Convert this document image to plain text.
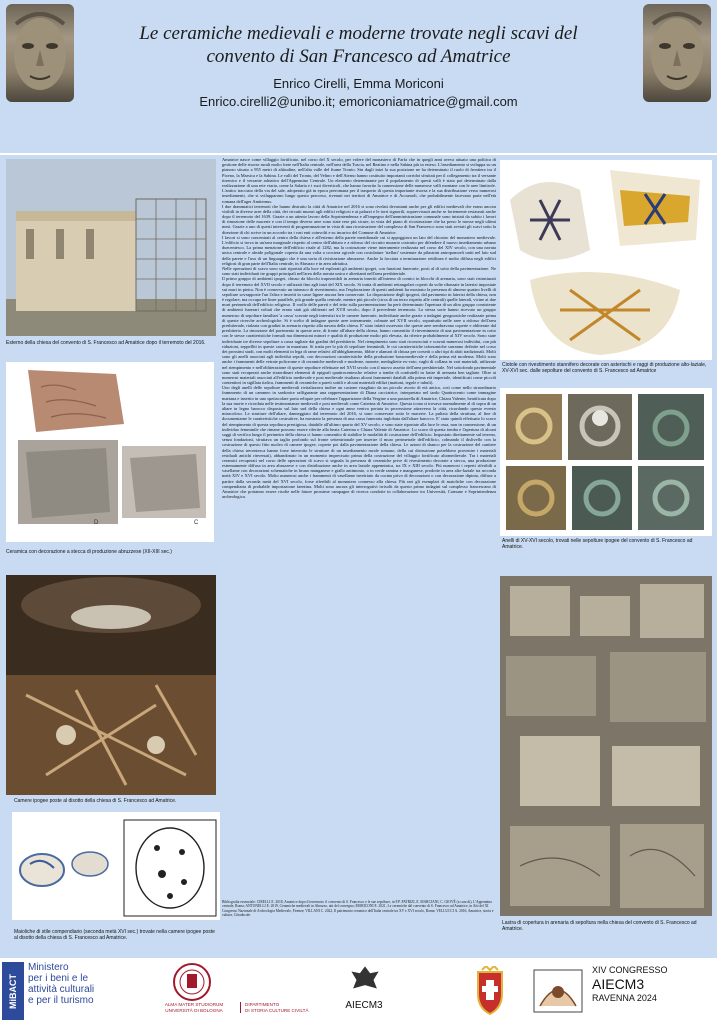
Le ceramiche medievali e moderne trovate negli scavi del convento di San Francesco ad Amatrice
Enrico Cirelli, Emma Moriconi
Enrico.cirelli2@unibo.it; emoriconiamatrice@gmail.com
Esterno della chiesa del convento di S. Francesco ad Amatrice dopo il terremoto del 2016.
D	C
Ceramica con decorazione a stecca di produzione abruzzese (XII-XIII sec.)
Camere ipogee poste al disotto della chiesa di S. Francesco ad Amatrice.
Maioliche di stile compendiario (seconda metà XVI sec.) trovate nella camere ipogee poste al disotto della chiesa di S. Francesco ad Amatrice.

Amatrice nasce come villaggio fortificato, nel corso del X secolo, per volere del monastero di Farfa che in quegli anni aveva attuato una politica di gestione delle risorse rurali molto forte nell'Italia centrale, nell'area della Tuscia, nel Reatino e nella Sabina più in esteso. L'insediamento si sviluppa su un pianoro situato a 955 metri di altitudine, nell'alta valle del fiume Tronto. Sin dagli inizi la sua posizione ne ha determinato il ruolo di frontiera tra il Piceno, la Marsica e la Sabina. Le valli del Tronto, del Velino e dell'Aterno hanno costituito importanti corridoi sfruttati per il collegamento tra il versante tirrenico e il versante adriatico dell'Appennino Centrale. Un elemento determinante per il popolamento di questi valli è stato poi determinato dalla realizzazione di una rete viaria, come la Salaria e i suoi diverticoli, che hanno favorito la connessione delle numerose valli montane con le aree limitrofe. L'antico tracciato della via del sale, adoperato già in epoca preromana per il trasporto di questa importante risorsa e la sua distribuzione verso numerosi insediamenti, che si svilupparono lungo questo percorso, rivenuti nei territori di Amatrice e di Accumoli, che probabilmente facevano parte nell'età romana dell'ager Amiternus.

I due drammatici terremoti che hanno distrutto la città di Amatrice nel 2016 si sono rivelati devastanti anche per gli edifici medievali che erano ancora visibili in diverse aree della città, dei circuiti murari agli edifici religiosi e ai palazzi e le torri signorili, sopravvissuti anche se fortemente restaurati anche dopo il terremoto del 1639. Grazie a un attento lavoro della Soprintendenza e all'impegno dell'amministrazione comunale sono iniziati da subito i lavori di rimozione delle macerie e con il tempo diverse aree sono state rese più sicure, in vista del piano di ricostruzione che ha preso le mosse negli ultimi mesi. Grazie a uno di questi interventi di programmazione in vista di una ricostruzione del complesso di San Francesco sono stati avviati gli scavi sotto la direzione di chi scrive in un accordo tra i vari enti coinvolti e su incarico del Comune di Amatrice.

I lavori si sono concentrati al centro della chiesa e all'esterno della parete meridionale cui si appoggiava un lato del chiostro del monastero medievale. L'edificio si trova in un'area marginale rispetto al centro dell'abitato e a ridosso del circuito murario costruito per difendere il nuovo insediamento urbano duecentesco. La prima menzione dell'edificio risale al 1282, ma la costruzione viene interamente realizzata nel corso del XIV secolo, con una navata unica centrale e abside poligonale coperta da una volta a crociera ogivale con costolature 'stellari' sostenute da pilastrini antropomorfi uniti nel lato sud della parete e l'uso di un linguaggio che è una sorta di rivisitazione abruzzese. Anche la facciata a terminazione rettilinea è molto diffusa negli edifici religiosi di gran parte dell'Italia centrale, in Abruzzo e in area adriatica.

Nelle operazioni di scavo sono stati riportati alla luce ed esplorati gli ambienti ipogei, con funzioni funerarie, posti al di sotto della pavimentazione. Ne sono stati individuati tre gruppi principali nell'area della navata unica e altrettanti nell'area presbiteriale.

Il primo gruppo di ambienti ipogei, chiuso da blocchi trapezoidali in arenaria inseriti all'interno di cornici in blocchi di arenaria, sono stati ristrutturati dopo il terremoto del XVII secolo e utilizzati fino agli inizi del XIX secolo. Si tratta di ambienti rettangolari coperti da volte ribassate in laterizi impostate sui muri in pietra. Non è conservato un intonaco di rivestimento, ma l'esplorazione di questi ambienti ha mostrato la presenza di almeno quattro livelli di sepolture sovrapposte l'un l'altra e inseriti in casse lignee ancora ben conservate. La disposizione degli ipogeoi, dal pavimento in laterizi della chiesa, non è regolare, ma occupa tre linee parallele, più grande quella centrale, mentre più piccole (circa di un terzo rispetto alle centrali) quelle laterali, vicine ai due muri perimetrali dell'edificio religioso. Il crollo delle pareti e del tetto sulla pavimentazione ha però determinato l'apertura di un altro gruppo consistente di ambienti funerari voltati che erano stati già obliterati nel XVII secolo, dopo il precedente terremoto. La stessa sorte hanno ricevuto un gruppo numeroso di sepolture familiari 'a cassa' scavate negli interstizi tra le camere funerarie, individuate anche grazie a indagini geognostiche realizzate prima di queste ricerche archeologiche. Si è scelto di indagare queste aree interamente, colmate nel XVII secolo, soprattutto nelle aree a ridosso dell'area presbiteriale, rialzata con gradini in arenaria rispetto alla navata della chiesa. E' stato infatti osservato che queste aree sembravano coperte e obliterate dal presbiterio. La rimozione del pavimento in queste aree, di fronte all'altare della chiesa, hanno consentito il rinvenimento di una pavimentazione in cotto con le stesse caratteristiche formali ma dimensioni minori e qualità di produzione molto più elevata, da riferire probabilmente al XIV secolo. Sono state individuate tre diverse sepolture a cassa tagliate dai gradini del presbiterio. Nel riempimento sono stati riconosciuti e scavati numerosi individui, con più riduzioni, seppelliti in queste casse in muratura. Si tratta per lo più di sepolture femminili, le cui caratteristiche tafonomiche sarranno definite nel corso dei prossimi studi, con molti elementi in lega di rame relativi all'abbigliamento, fibbie e alamari di chiusa per corsetti o altri tipi di abiti tradizionali. Molti sono gli anelli associati agli individui sepolti, con decorazioni caratteristiche della produzione bassomedievale e della prima età moderna. Molti sono anche i frammenti delle vetrate policrome e di ceramiche medievali e moderne, monete, medagliette ex-voto, vaghi di collana in vari materiali, utilizzate nel riempimento e nell'obliterazione di queste sepolture effettuate nel XVII secolo con il nuovo assetto dell'area presbiteriale. Nel sottofondo pavimentale sono stati recuperati anche straordinari elementi di epigrafi quattrocentesche relative a tombe di confratelli in lastre di arenaria ben tagliate. Oltre ai numerosi materiali associati all'edificio medievale e post medievale risaltano alcuni frammenti databili alla prima età imperiale, identificati come piccoli contenitori in sigillata italica, frammenti di ceramiche a pareti sottili e alcuni materiali edilizi (mattoni, tegole e tubuli).

Uno degli anelli delle sepolture medievali rivitalizzava inoltre un castone risagliato da un piccolo avorio di età antica, così come nello straordinario frammento di un cammeo in sardonice raffigurante una rappresentazione di Diana cacciatrice, interpretato nel tardo Quattrocento come immagine mariana e inserito in uno spettacolare porta reliquie per celebrare l'apparizione della Vergine a una pastorella di Amatrice, Chiara Valente, beatificata dopo la sua morte e ricordata nelle testimonianze medievali e post medievali come Caterina di Amatrice. Questa icona si trovava normalmente al di sopra di un altare in legno barocco disposto sul lato sud della chiesa e ogni anno veniva portata in processione attraverso la città, ricordando questo evento miracoloso. Le strutture dell'altare, danneggiato dal terremoto del 2016, si sono conservate sotto le macerie. La pulizia della struttura, al fine di documentarne le caratteristiche costruttive, ha mostrato la presenza di una cassa funeraria inglobata dall'altare barocco. E' stato quindi effettuato lo scavo del riempimento di questa sepoltura prestigiosa, databile all'ultimo quarto del XV secolo, e sono state riportate alla luce le ossa, non in connessione, di un individuo femminile che rimane possono essere riferite alla beata Caterina o Chiara Valente di Amatrice. Lo scavo di questa tomba e l'apertura di alcuni saggi di verifica lungo il perimetro della chiesa ci hanno consentito di stabilire le modalità di costruzione dell'edificio. Impostato direttamente sul terreno, senza fondazioni, sfruttava un taglio profondo sul fronte settentrionale per inserire il muro perimetrale dell'edificio, colmando il dislivello con la costruzione di questo fitto nucleo di camere ipogee, coperte poi dalla pavimentazione della chiesa. Le azioni di sbanco per la costruzione del cantiere della chiesa trecentesca hanno forse interrotto le strutture di un insediamento rurale romano, della cui distruzione potrebbero provenire i materiali residuali antichi rinvenuti), abbandonato in un momento imprecisato prima della costruzione del villaggio fortificato altomedievale. Tra i materiali ceramici recuperati nel corso delle operazioni di scavo si segnala la presenza di ceramiche prive di rivestimento decorate a stecca, una produzione estremamente diffusa in area abruzzese e con distribuzione anche in area laziale appenninica, tra IX e XIII secolo. Più numerosi i reperti riferibili a vasellame con decorazioni schematiche in bruno manganese e giallo antimonio, o in verde ramina e manganese, prodotte in area alto-laziale tra seconda metà XIV e XVI secolo. Molto numerosi anche i frammenti di vasellame invetriato da cucina privo di decorazioni o con decorazione dipinta, diffuse a partire dalla seconda metà del XVI secolo, forse riferibili al monastero connesso alla chiesa. Più rari gli esemplari di maioliche con decorazione compendiaria di probabile importazione faentina. Molti sono ancora gli interrogativi irrisolti da questo primo indagini sul complesso francescano di Amatrice che potranno essere risolte nelle future prossime campagne di ricerca condotte in collaborazione tra Università, Comune e Soprintendenza archeologica.

Bibliografia essenziale: CIRELLI E. 2018, Amatrice dopo il terremoto: il convento di S. Francesco e le sue sepolture, in F.P. PATRIZI, E. MARCIANI, C. GIOVÈ (a cura di), L'Appennino centrale, Roma; ANTONELLI E. 2019, Ceramiche medievali in Abruzzo, atti del convegno; MORICONI E. 2021, Le ceramiche dal convento di S. Francesco ad Amatrice, in Atti del XI Congresso Nazionale di Archeologia Medievale, Firenze; VILLANI C. 2022, Il patrimonio ceramico dell'Italia centrale tra XV e XVI secolo, Roma; VELLUCCI A. 2016, Amatrice, storia e cultura, Cittaducale.
Ciotole con rivestimento stannifero decorate con asterischi e raggi di produzione alto-laziale, XV-XVI sec. dalle sepolture del convento di S. Francesco ad Amatrice
Anelli di XV-XVI secolo, trovati nelle sepolture ipogee del convento di S. Francesco ad Amatrice.
Lastra di copertura in arenaria di sepoltura nella chiesa del convento di S. Francesco ad Amatrice.
MiBACT
Ministero
per i beni e le
attività culturali
e per il turismo	ALMA MATER STUDIORUM
UNIVERSITÀ DI BOLOGNA
DIPARTIMENTO
DI STORIA CULTURE CIVILTÀ	AIECM3
XIV CONGRESSO
AIECM3
RAVENNA 2024
